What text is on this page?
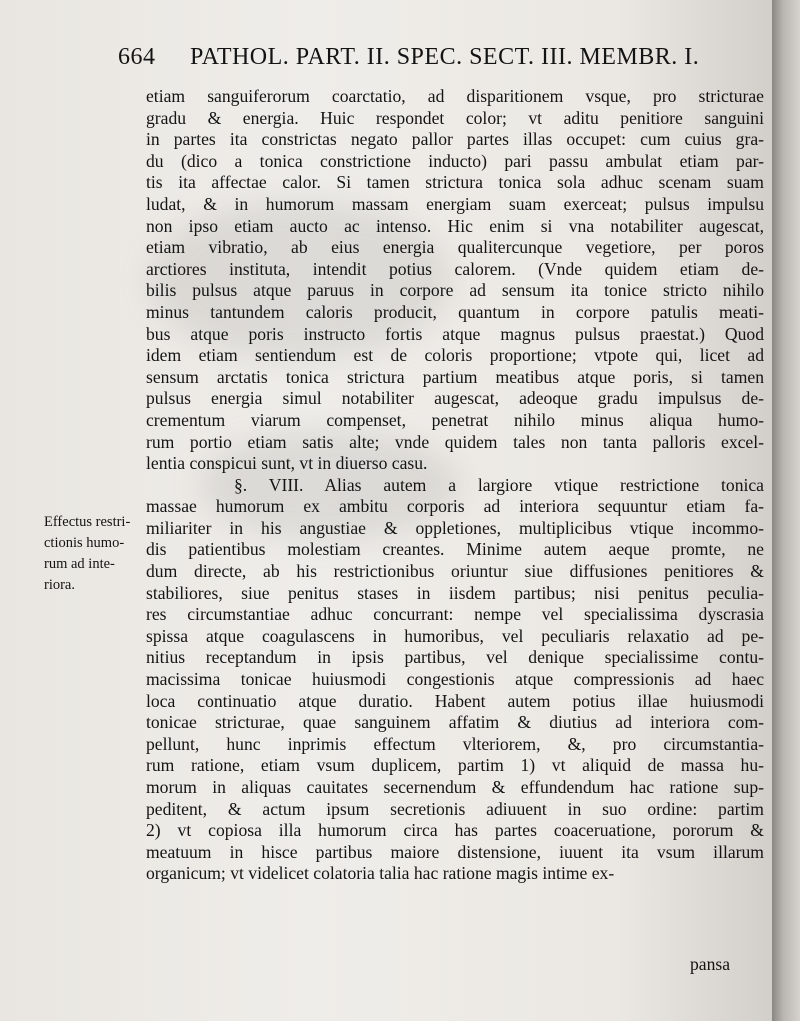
664 PATHOL. PART. II. SPEC. SECT. III. MEMBR. I.
Effectus restri-
ctionis humo-
rum ad inte-
riora.
etiam sanguiferorum coarctatio, ad disparitionem vsque, pro stricturae
gradu & energia. Huic respondet color; vt aditu penitiore sanguini
in partes ita constrictas negato pallor partes illas occupet: cum cuius gra-
du (dico a tonica constrictione inducto) pari passu ambulat etiam par-
tis ita affectae calor. Si tamen strictura tonica sola adhuc scenam suam
ludat, & in humorum massam energiam suam exerceat; pulsus impulsu
non ipso etiam aucto ac intenso. Hic enim si vna notabiliter augescat,
etiam vibratio, ab eius energia qualitercunque vegetiore, per poros
arctiores instituta, intendit potius calorem. (Vnde quidem etiam de-
bilis pulsus atque paruus in corpore ad sensum ita tonice stricto nihilo
minus tantundem caloris producit, quantum in corpore patulis meati-
bus atque poris instructo fortis atque magnus pulsus praestat.) Quod
idem etiam sentiendum est de coloris proportione; vtpote qui, licet ad
sensum arctatis tonica strictura partium meatibus atque poris, si tamen
pulsus energia simul notabiliter augescat, adeoque gradu impulsus de-
crementum viarum compenset, penetrat nihilo minus aliqua humo-
rum portio etiam satis alte; vnde quidem tales non tanta palloris excel-
lentia conspicui sunt, vt in diuerso casu.
§. VIII. Alias autem a largiore vtique restrictione tonica
massae humorum ex ambitu corporis ad interiora sequuntur etiam fa-
miliariter in his angustiae & oppletiones, multiplicibus vtique incommo-
dis patientibus molestiam creantes. Minime autem aeque promte, ne
dum directe, ab his restrictionibus oriuntur siue diffusiones penitiores &
stabiliores, siue penitus stases in iisdem partibus; nisi penitus peculia-
res circumstantiae adhuc concurrant: nempe vel specialissima dyscrasia
spissa atque coagulascens in humoribus, vel peculiaris relaxatio ad pe-
nitius receptandum in ipsis partibus, vel denique specialissime contu-
macissima tonicae huiusmodi congestionis atque compressionis ad haec
loca continuatio atque duratio. Habent autem potius illae huiusmodi
tonicae stricturae, quae sanguinem affatim & diutius ad interiora com-
pellunt, hunc inprimis effectum vlteriorem, &, pro circumstantia-
rum ratione, etiam vsum duplicem, partim 1) vt aliquid de massa hu-
morum in aliquas cauitates secernendum & effundendum hac ratione sup-
peditent, & actum ipsum secretionis adiuuent in suo ordine: partim
2) vt copiosa illa humorum circa has partes coaceruatione, pororum &
meatuum in hisce partibus maiore distensione, iuuent ita vsum illarum
organicum; vt videlicet colatoria talia hac ratione magis intime ex-
pansa
